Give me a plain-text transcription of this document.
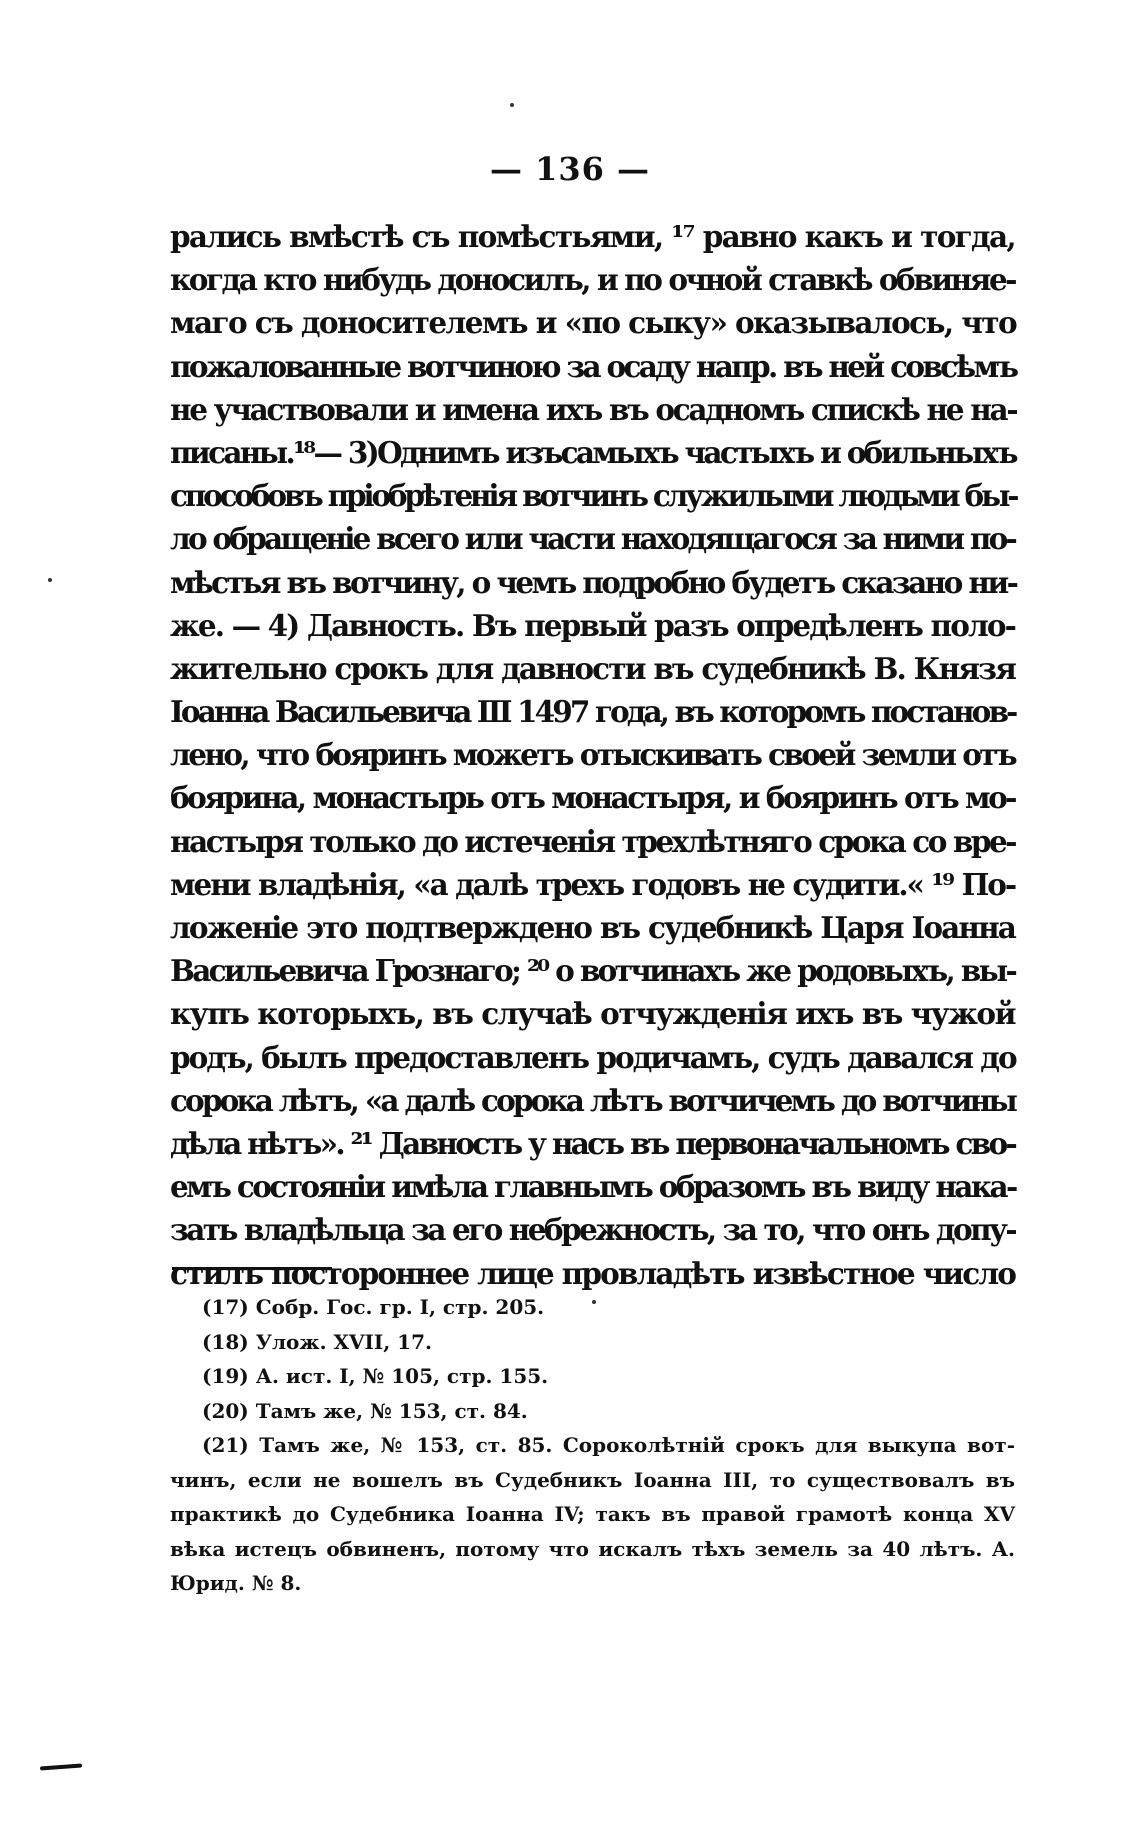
— 136 —
рались вмѣстѣ съ помѣстьями, ¹⁷ равно какъ и тогда,
когда кто нибудь доносилъ, и по очной ставкѣ обвиняе-
маго съ доносителемъ и «по сыку» оказывалось, что
пожалованные вотчиною за осаду напр. въ ней совсѣмъ
не участвовали и имена ихъ въ осадномъ спискѣ не на-
писаны.¹⁸— 3)Однимъ изъсамыхъ частыхъ и обильныхъ
способовъ пріобрѣтенія вотчинъ служилыми людьми бы-
ло обращеніе всего или части находящагося за ними по-
мѣстья въ вотчину, о чемъ подробно будетъ сказано ни-
же. — 4) Давность. Въ первый разъ опредѣленъ поло-
жительно срокъ для давности въ судебникѣ В. Князя
Іоанна Васильевича III 1497 года, въ которомъ постанов-
лено, что бояринъ можетъ отыскивать своей земли отъ
боярина, монастырь отъ монастыря, и бояринъ отъ мо-
настыря только до истеченія трехлѣтняго срока со вре-
мени владѣнія, «а далѣ трехъ годовъ не судити.« ¹⁹ По-
ложеніе это подтверждено въ судебникѣ Царя Іоанна
Васильевича Грознаго; ²⁰ о вотчинахъ же родовыхъ, вы-
купъ которыхъ, въ случаѣ отчужденія ихъ въ чужой
родъ, былъ предоставленъ родичамъ, судъ давался до
сорока лѣтъ, «а далѣ сорока лѣтъ вотчичемъ до вотчины
дѣла нѣтъ». ²¹ Давность у насъ въ первоначальномъ сво-
емъ состояніи имѣла главнымъ образомъ въ виду нака-
зать владѣльца за его небрежность, за то, что онъ допу-
стилъ постороннее лице провладѣть извѣстное число
(17) Собр. Гос. гр. I, стр. 205.
(18) Улож. XVII, 17.
(19) А. ист. I, № 105, стр. 155.
(20) Тамъ же, № 153, ст. 84.
(21) Тамъ же, № 153, ст. 85. Сороколѣтній срокъ для выкупа вот-
чинъ, если не вошелъ въ Судебникъ Іоанна III, то существовалъ въ
практикѣ до Судебника Іоанна IV; такъ въ правой грамотѣ конца XV
вѣка истецъ обвиненъ, потому что искалъ тѣхъ земель за 40 лѣтъ. А.
Юрид. № 8.
